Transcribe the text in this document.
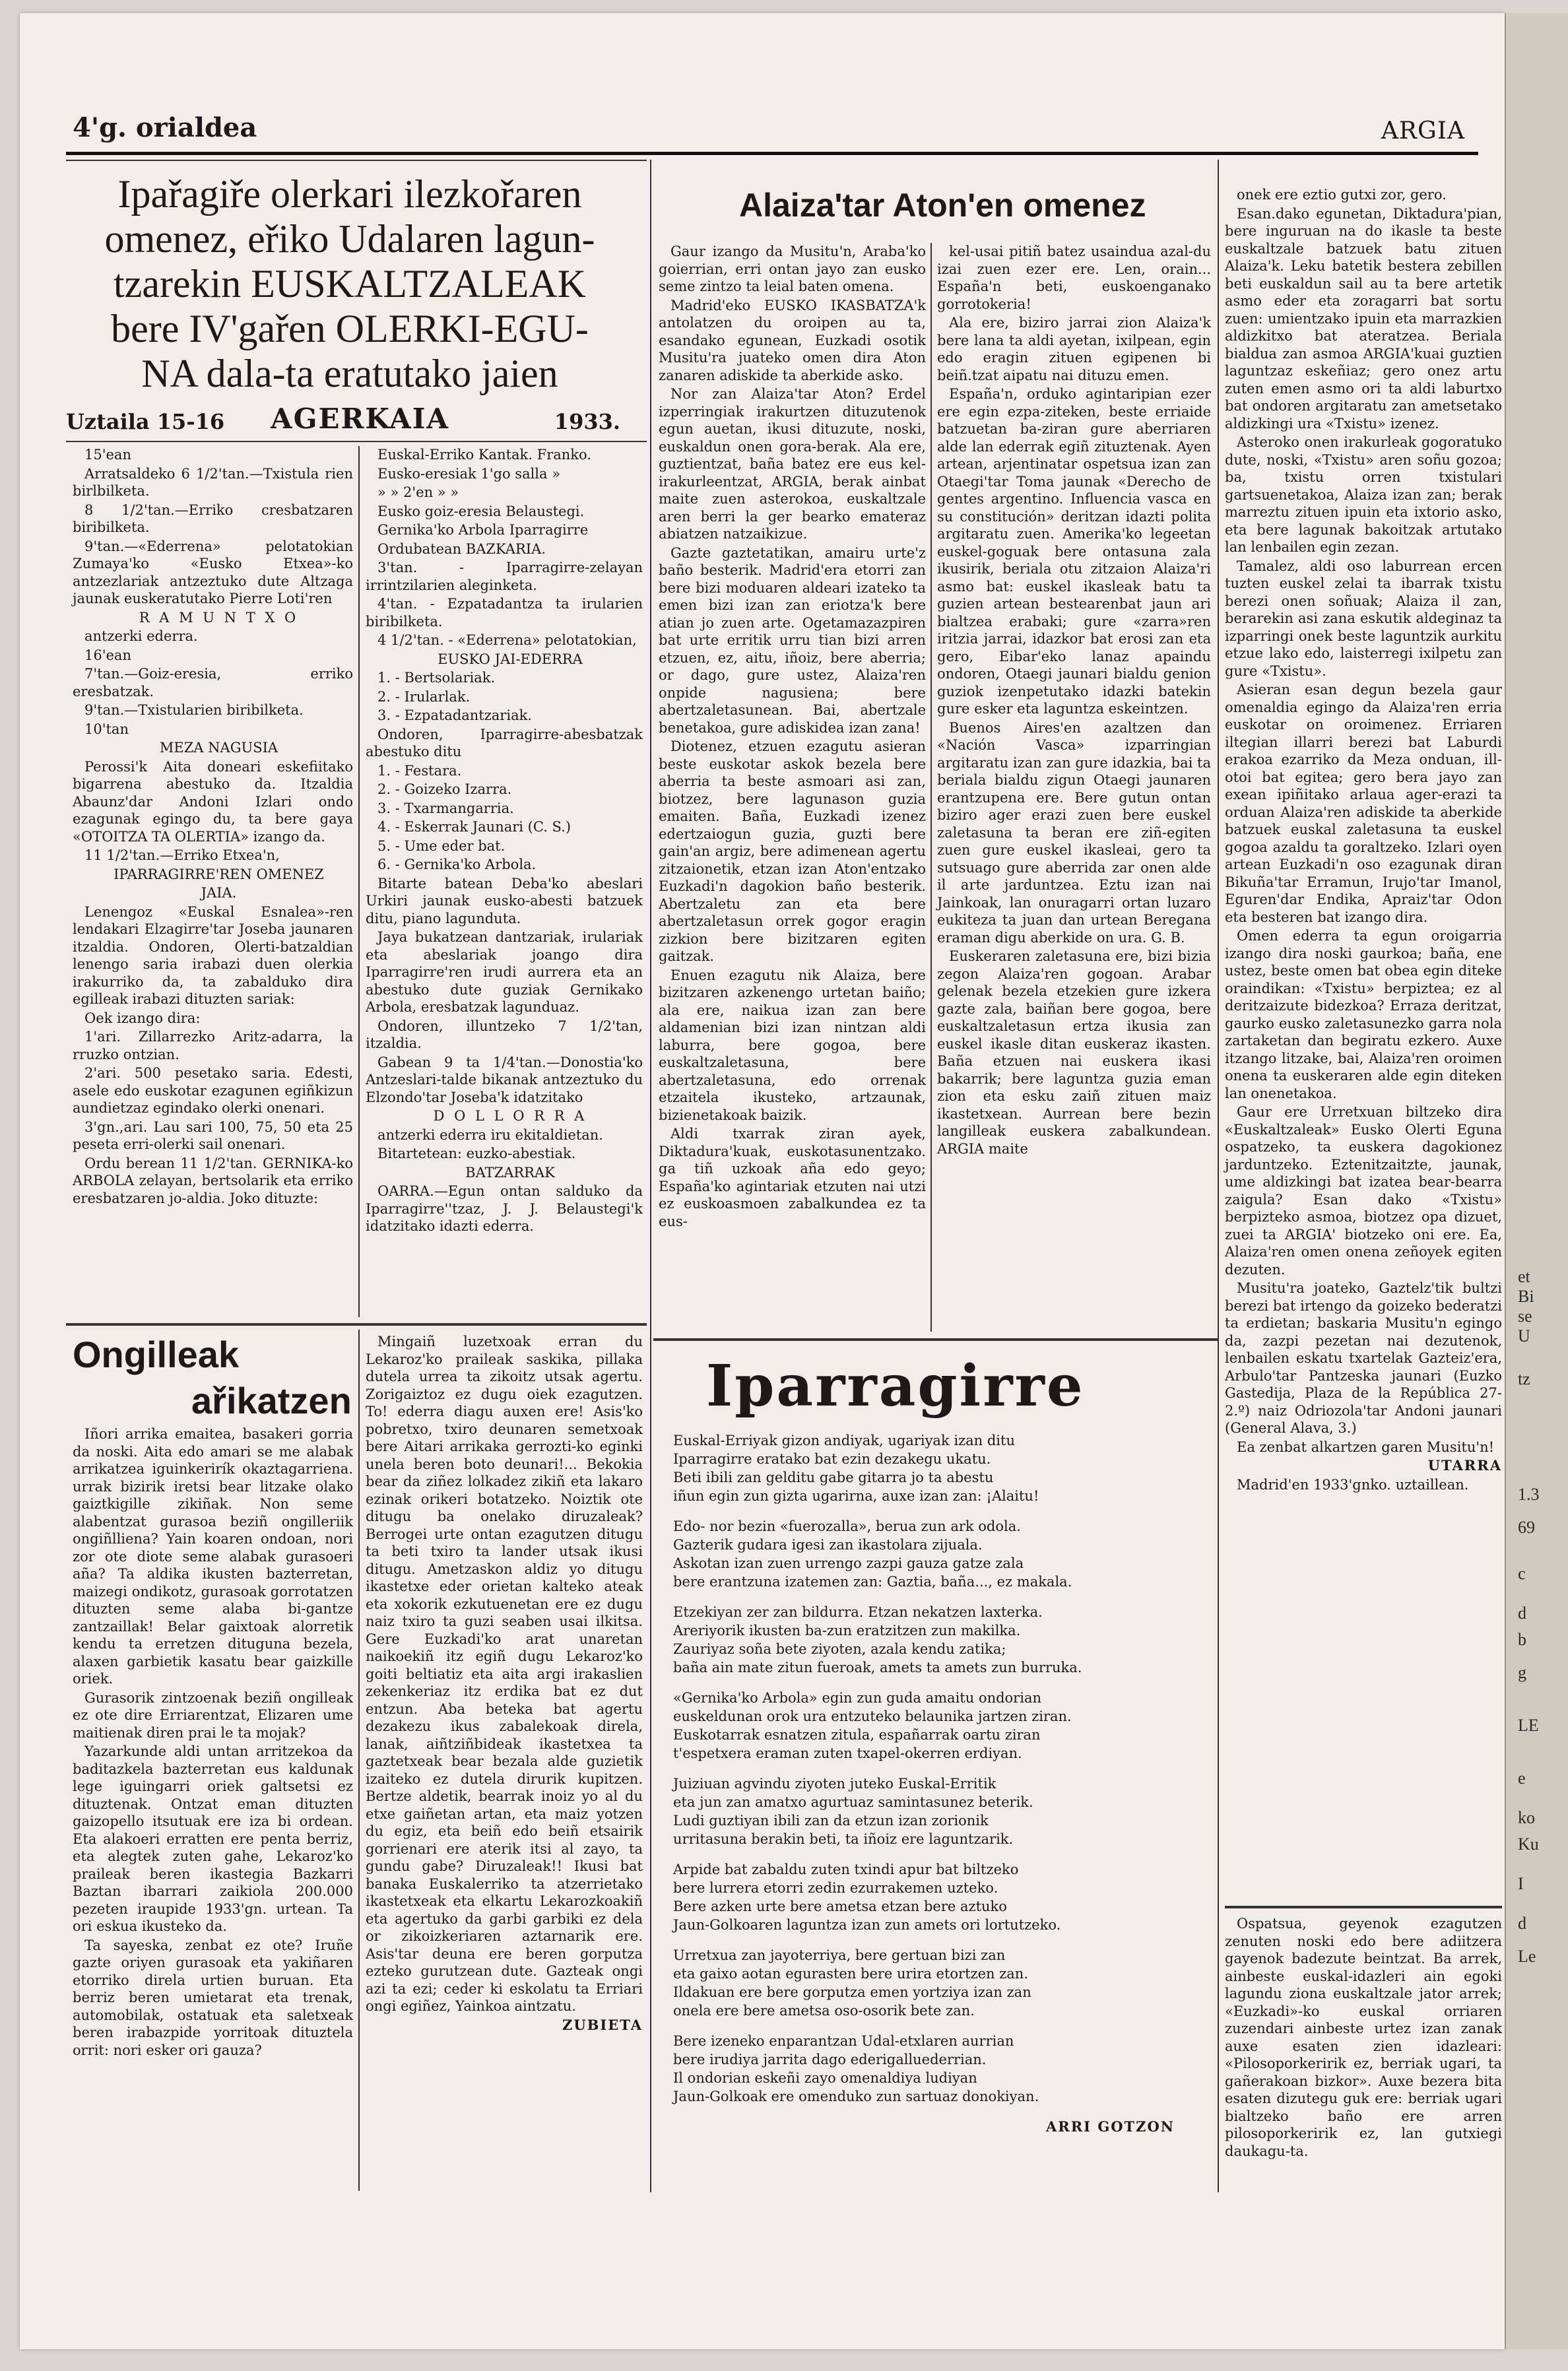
4'g. orialdea	ARGIA
Ipařagiře olerkari ilezkořaren
omenez, eřiko Udalaren lagun-
tzarekin EUSKALTZALEAK
bere IV'gařen OLERKI-EGU-
NA dala-ta eratutako jaien
Uztaila 15-16 AGERKAIA	1933.

15'ean

Arratsaldeko 6 1/2'tan.—Txistula rien birlbilketa.

8 1/2'tan.—Erriko cresbatzaren biribilketa.

9'tan.—«Ederrena» pelotatokian Zumaya'ko «Eusko Etxea»-ko antzezlariak antzeztuko dute Altzaga jaunak euskeratutako Pierre Loti'ren

R A M U N T X O

antzerki ederra.

16'ean

7'tan.—Goiz-eresia, erriko eresbatzak.

9'tan.—Txistularien biribilketa.

10'tan

MEZA NAGUSIA

Perossi'k Aita doneari eskefiitako bigarrena abestuko da. Itzaldia Abaunz'dar Andoni Izlari ondo ezagunak egingo du, ta bere gaya «OTOITZA TA OLERTIA» izango da.

11 1/2'tan.—Erriko Etxea'n,

IPARRAGIRRE'REN OMENEZ

JAIA.

Lenengoz «Euskal Esnalea»-ren lendakari Elzagirre'tar Joseba jaunaren itzaldia. Ondoren, Olerti-batzaldian lenengo saria irabazi duen olerkia irakurriko da, ta zabalduko dira egilleak irabazi dituzten sariak:

Oek izango dira:

1'ari. Zillarrezko Aritz-adarra, la rruzko ontzian.

2'ari. 500 pesetako saria. Edesti, asele edo euskotar ezagunen egiñkizun aundietzaz egindako olerki onenari.

3'gn.,ari. Lau sari 100, 75, 50 eta 25 peseta erri-olerki sail onenari.

Ordu berean 11 1/2'tan. GERNIKA-ko ARBOLA zelayan, bertsolarik eta erriko eresbatzaren jo-aldia. Joko dituzte:

Euskal-Erriko Kantak. Franko.

Eusko-eresiak 1'go salla »

» » 2'en » »

Eusko goiz-eresia Belaustegi.

Gernika'ko Arbola Iparragirre

Ordubatean BAZKARIA.

3'tan. - Iparragirre-zelayan irrintzilarien aleginketa.

4'tan. - Ezpatadantza ta irularien biribilketa.

4 1/2'tan. - «Ederrena» pelotatokian,

EUSKO JAI-EDERRA

1. - Bertsolariak.

2. - Irularlak.

3. - Ezpatadantzariak.

Ondoren, Iparragirre-abesbatzak abestuko ditu

1. - Festara.

2. - Goizeko Izarra.

3. - Txarmangarria.

4. - Eskerrak Jaunari (C. S.)

5. - Ume eder bat.

6. - Gernika'ko Arbola.

Bitarte batean Deba'ko abeslari Urkiri jaunak eusko-abesti batzuek ditu, piano lagunduta.

Jaya bukatzean dantzariak, irulariak eta abeslariak joango dira Iparragirre'ren irudi aurrera eta an abestuko dute guziak Gernikako Arbola, eresbatzak lagunduaz.

Ondoren, illuntzeko 7 1/2'tan, itzaldia.

Gabean 9 ta 1/4'tan.—Donostia'ko Antzeslari-talde bikanak antzeztuko du Elzondo'tar Joseba'k idatzitako

D O L L O R R A

antzerki ederra iru ekitaldietan.

Bitartetean: euzko-abestiak.

BATZARRAK

OARRA.—Egun ontan salduko da Iparragirre''tzaz, J. J. Belaustegi'k idatzitako idazti ederra.

Ongilleak
ařikatzen

Iñori arrika emaitea, basakeri gorria da noski. Aita edo amari se me alabak arrikatzea iguinkerirík okaztagarriena. urrak bizirik iretsi bear litzake olako gaiztkigille zikiñak. Non seme alabentzat gurasoa beziñ ongilleriik ongiñlliena? Yain koaren ondoan, nori zor ote diote seme alabak gurasoeri aña? Ta aldika ikusten bazterretan, maizegi ondikotz, gurasoak gorrotatzen dituzten seme alaba bi-gantze zantzaillak! Belar gaixtoak alorretik kendu ta erretzen dituguna bezela, alaxen garbietik kasatu bear gaizkille oriek.

Gurasorik zintzoenak beziñ ongilleak ez ote dire Erriarentzat, Elizaren ume maitienak diren prai le ta mojak?

Yazarkunde aldi untan arritzekoa da baditazkela bazterretan eus kaldunak lege iguingarri oriek galtsetsi ez dituztenak. Ontzat eman dituzten gaizopello itsutuak ere iza bi ordean. Eta alakoeri erratten ere penta berriz, eta alegtek zuten gahe, Lekaroz'ko praileak beren ikastegia Bazkarri Baztan ibarrari zaikiola 200.000 pezeten iraupide 1933'gn. urtean. Ta ori eskua ikusteko da.

Ta sayeska, zenbat ez ote? Iruñe gazte oriyen gurasoak eta yakiñaren etorriko direla urtien buruan. Eta berriz beren umietarat eta trenak, automobilak, ostatuak eta saletxeak beren irabazpide yorritoak dituztela orrit: nori esker ori gauza?

Mingaiñ luzetxoak erran du Lekaroz'ko praileak saskika, pillaka dutela urrea ta zikoitz utsak agertu. Zorigaiztoz ez dugu oiek ezagutzen. To! ederra diagu auxen ere! Asis'ko pobretxo, txiro deunaren semetxoak bere Aitari arrikaka gerrozti-ko eginki unela beren boto deunari!... Bekokia bear da ziñez lolkadez zikiñ eta lakaro ezinak orikeri botatzeko. Noiztik ote ditugu ba onelako diruzaleak? Berrogei urte ontan ezagutzen ditugu ta beti txiro ta lander utsak ikusi ditugu. Ametzaskon aldiz yo ditugu ikastetxe eder orietan kalteko ateak eta xokorik ezkutuenetan ere ez dugu naiz txiro ta guzi seaben usai ilkitsa. Gere Euzkadi'ko arat unaretan naikoekiñ itz egiñ dugu Lekaroz'ko goiti beltiatiz eta aita argi irakaslien zekenkeriaz itz erdika bat ez dut entzun. Aba beteka bat agertu dezakezu ikus zabalekoak direla, lanak, aiñtziñbideak ikastetxea ta gaztetxeak bear bezala alde guzietik izaiteko ez dutela dirurik kupitzen. Bertze aldetik, bearrak inoiz yo al du etxe gaiñetan artan, eta maiz yotzen du egiz, eta beiñ edo beiñ etsairik gorrienari ere aterik itsi al zayo, ta gundu gabe? Diruzaleak!! Ikusi bat banaka Euskalerriko ta atzerrietako ikastetxeak eta elkartu Lekarozkoakiñ eta agertuko da garbi garbiki ez dela or zikoizkeriaren aztarnarik ere. Asis'tar deuna ere beren gorputza ezteko gurutzean dute. Gazteak ongi azi ta ezi; ceder ki eskolatu ta Erriari ongi egiñez, Yainkoa aintzatu.

ZUBIETA

Alaiza'tar Aton'en omenez

Gaur izango da Musitu'n, Araba'ko goierrian, erri ontan jayo zan eusko seme zintzo ta leial baten omena.

Madrid'eko EUSKO IKASBATZA'k antolatzen du oroipen au ta, esandako egunean, Euzkadi osotik Musitu'ra juateko omen dira Aton zanaren adiskide ta aberkide asko.

Nor zan Alaiza'tar Aton? Erdel izperringiak irakurtzen dituzutenok egun auetan, ikusi dituzute, noski, euskaldun onen gora-berak. Ala ere, guztientzat, baña batez ere eus kel-irakurleentzat, ARGIA, berak ainbat maite zuen asterokoa, euskaltzale aren berri la ger bearko emateraz abiatzen natzaikizue.

Gazte gaztetatikan, amairu urte'z baño besterik. Madrid'era etorri zan bere bizi moduaren aldeari izateko ta emen bizi izan zan eriotza'k bere atian jo zuen arte. Ogetamazazpiren bat urte erritik urru tian bizi arren etzuen, ez, aitu, iñoiz, bere aberria; or dago, gure ustez, Alaiza'ren onpide nagusiena; bere abertzaletasunean. Bai, abertzale benetakoa, gure adiskidea izan zana!

Diotenez, etzuen ezagutu asieran beste euskotar askok bezela bere aberria ta beste asmoari asi zan, biotzez, bere lagunason guzia emaiten. Baña, Euzkadi izenez edertzaiogun guzia, guzti bere gain'an argiz, bere adimenean agertu zitzaionetik, etzan izan Aton'entzako Euzkadi'n dagokion baño besterik. Abertzaletu zan eta bere abertzaletasun orrek gogor eragin zizkion bere bizitzaren egiten gaitzak.

Enuen ezagutu nik Alaiza, bere bizitzaren azkenengo urtetan baiño; ala ere, naikua izan zan bere aldamenian bizi izan nintzan aldi laburra, bere gogoa, bere euskaltzaletasuna, bere abertzaletasuna, edo orrenak etzaitela ikusteko, artzaunak, bizienetakoak baizik.

Aldi txarrak ziran ayek, Diktadura'kuak, euskotasunentzako. ga tiñ uzkoak aña edo geyo; España'ko agintariak etzuten nai utzi ez euskoasmoen zabalkundea ez ta eus-

kel-usai pitiñ batez usaindua azal-du izai zuen ezer ere. Len, orain... España'n beti, euskoenganako gorrotokeria!

Ala ere, biziro jarrai zion Alaiza'k bere lana ta aldi ayetan, ixilpean, egin edo eragin zituen egipenen bi beiñ.tzat aipatu nai dituzu emen.

España'n, orduko agintaripian ezer ere egin ezpa-ziteken, beste erriaide batzuetan ba-ziran gure aberriaren alde lan ederrak egiñ zituztenak. Ayen artean, arjentinatar ospetsua izan zan Otaegi'tar Toma jaunak «Derecho de gentes argentino. Influencia vasca en su constitución» deritzan idazti polita argitaratu zuen. Amerika'ko legeetan euskel-goguak bere ontasuna zala ikusirik, beriala otu zitzaion Alaiza'ri asmo bat: euskel ikasleak batu ta guzien artean bestearenbat jaun ari bialtzea erabaki; gure «zarra»ren iritzia jarrai, idazkor bat erosi zan eta gero, Eibar'eko lanaz apaindu ondoren, Otaegi jaunari bialdu genion guziok izenpetutako idazki batekin gure esker eta laguntza eskeintzen.

Buenos Aires'en azaltzen dan «Nación Vasca» izparringian argitaratu izan zan gure idazkia, bai ta beriala bialdu zigun Otaegi jaunaren erantzupena ere. Bere gutun ontan biziro ager erazi zuen bere euskel zaletasuna ta beran ere ziñ-egiten zuen gure euskel ikasleai, gero ta sutsuago gure aberrida zar onen alde il arte jarduntzea. Eztu izan nai Jainkoak, lan onuragarri ortan luzaro eukiteza ta juan dan urtean Beregana eraman digu aberkide on ura. G. B.

Euskeraren zaletasuna ere, bizi bizia zegon Alaiza'ren gogoan. Arabar gelenak bezela etzekien gure izkera gazte zala, baiñan bere gogoa, bere euskaltzaletasun ertza ikusia zan euskel ikasle ditan euskeraz ikasten. Baña etzuen nai euskera ikasi bakarrik; bere laguntza guzia eman zion eta esku zaiñ zituen maiz ikastetxean. Aurrean bere bezin langilleak euskera zabalkundean. ARGIA maite

onek ere eztio gutxi zor, gero.

Esan.dako egunetan, Diktadura'pian, bere inguruan na do ikasle ta beste euskaltzale batzuek batu zituen Alaiza'k. Leku batetik bestera zebillen beti euskaldun sail au ta bere artetik asmo eder eta zoragarri bat sortu zuen: umientzako ipuin eta marrazkien aldizkitxo bat ateratzea. Beriala bialdua zan asmoa ARGIA'kuai guztien laguntzaz eskeñiaz; gero onez artu zuten emen asmo ori ta aldi laburtxo bat ondoren argitaratu zan ametsetako aldizkingi ura «Txistu» izenez.

Asteroko onen irakurleak gogoratuko dute, noski, «Txistu» aren soñu gozoa; ba, txistu orren txistulari gartsuenetakoa, Alaiza izan zan; berak marreztu zituen ipuin eta ixtorio asko, eta bere lagunak bakoitzak artutako lan lenbailen egin zezan.

Tamalez, aldi oso laburrean ercen tuzten euskel zelai ta ibarrak txistu berezi onen soñuak; Alaiza il zan, berarekin asi zana eskutik aldeginaz ta izparringi onek beste laguntzik aurkitu etzue lako edo, laisterregi ixilpetu zan gure «Txistu».

Asieran esan degun bezela gaur omenaldia egingo da Alaiza'ren erria euskotar on oroimenez. Erriaren iltegian illarri berezi bat Laburdi erakoa ezarriko da Meza onduan, ill-otoi bat egitea; gero bera jayo zan exean ipiñitako arlaua ager-erazi ta orduan Alaiza'ren adiskide ta aberkide batzuek euskal zaletasuna ta euskel gogoa azaldu ta goraltzeko. Izlari oyen artean Euzkadi'n oso ezagunak diran Bikuña'tar Erramun, Irujo'tar Imanol, Eguren'dar Endika, Apraiz'tar Odon eta besteren bat izango dira.

Omen ederra ta egun oroigarria izango dira noski gaurkoa; baña, ene ustez, beste omen bat obea egin diteke oraindikan: «Txistu» berpiztea; ez al deritzaizute bidezkoa? Erraza deritzat, gaurko eusko zaletasunezko garra nola zartaketan dan begiratu ezkero. Auxe itzango litzake, bai, Alaiza'ren oroimen onena ta euskeraren alde egin diteken lan onenetakoa.

Gaur ere Urretxuan biltzeko dira «Euskaltzaleak» Eusko Olerti Eguna ospatzeko, ta euskera dagokionez jarduntzeko. Eztenitzaitzte, jaunak, ume aldizkingi bat izatea bear-bearra zaigula? Esan dako «Txistu» berpizteko asmoa, biotzez opa dizuet, zuei ta ARGIA' biotzeko oni ere. Ea, Alaiza'ren omen onena zeñoyek egiten dezuten.

Musitu'ra joateko, Gaztelz'tik bultzi berezi bat irtengo da goizeko bederatzi ta erdietan; baskaria Musitu'n egingo da, zazpi pezetan nai dezutenok, lenbailen eskatu txartelak Gazteiz'era, Arbulo'tar Pantzeska jaunari (Euzko Gastedija, Plaza de la República 27-2.º) naiz Odriozola'tar Andoni jaunari (General Alava, 3.)

Ea zenbat alkartzen garen Musitu'n!

UTARRA

Madrid'en 1933'gnko. uztaillean.

Ospatsua, geyenok ezagutzen zenuten noski edo bere adiitzera gayenok badezute beintzat. Ba arrek, ainbeste euskal-idazleri ain egoki lagundu ziona euskaltzale jator arrek; «Euzkadi»-ko euskal orriaren zuzendari ainbeste urtez izan zanak auxe esaten zien idazleari: «Pilosoporkeririk ez, berriak ugari, ta gañerakoan bizkor». Auxe bezera bita esaten dizutegu guk ere: berriak ugari bialtzeko baño ere arren pilosoporkeririk ez, lan gutxiegi daukagu-ta.

Iparragirre

Euskal-Erriyak gizon andiyak, ugariyak izan ditu

Iparragirre eratako bat ezin dezakegu ukatu.

Beti ibili zan gelditu gabe gitarra jo ta abestu

iñun egin zun gizta ugarirna, auxe izan zan: ¡Alaitu!

Edo- nor bezin «fuerozalla», berua zun ark odola.

Gazterik gudara igesi zan ikastolara zijuala.

Askotan izan zuen urrengo zazpi gauza gatze zala

bere erantzuna izatemen zan: Gaztia, baña..., ez makala.

Etzekiyan zer zan bildurra. Etzan nekatzen laxterka.

Areriyorik ikusten ba-zun eratzitzen zun makilka.

Zauriyaz soña bete ziyoten, azala kendu zatika;

baña ain mate zitun fueroak, amets ta amets zun burruka.

«Gernika'ko Arbola» egin zun guda amaitu ondorian

euskeldunan orok ura entzuteko belaunika jartzen ziran.

Euskotarrak esnatzen zitula, españarrak oartu ziran

t'espetxera eraman zuten txapel-okerren erdiyan.

Juiziuan agvindu ziyoten juteko Euskal-Erritik

eta jun zan amatxo agurtuaz samintasunez beterik.

Ludi guztiyan ibili zan da etzun izan zorionik

urritasuna berakin beti, ta iñoiz ere laguntzarik.

Arpide bat zabaldu zuten txindi apur bat biltzeko

bere lurrera etorri zedin ezurrakemen uzteko.

Bere azken urte bere ametsa etzan bere aztuko

Jaun-Golkoaren laguntza izan zun amets ori lortutzeko.

Urretxua zan jayoterriya, bere gertuan bizi zan

eta gaixo aotan egurasten bere urira etortzen zan.

Ildakuan ere bere gorputza emen yortziya izan zan

onela ere bere ametsa oso-osorik bete zan.

Bere izeneko enparantzan Udal-etxlaren aurrian

bere irudiya jarrita dago ederigalluederrian.

Il ondorian eskeñi zayo omenaldiya ludiyan

Jaun-Golkoak ere omenduko zun sartuaz donokiyan.

ARRI GOTZON

et
Bi
se
U
tz
1.3
69
c
d
b
g
LE
e
ko
Ku
I
d
Le
